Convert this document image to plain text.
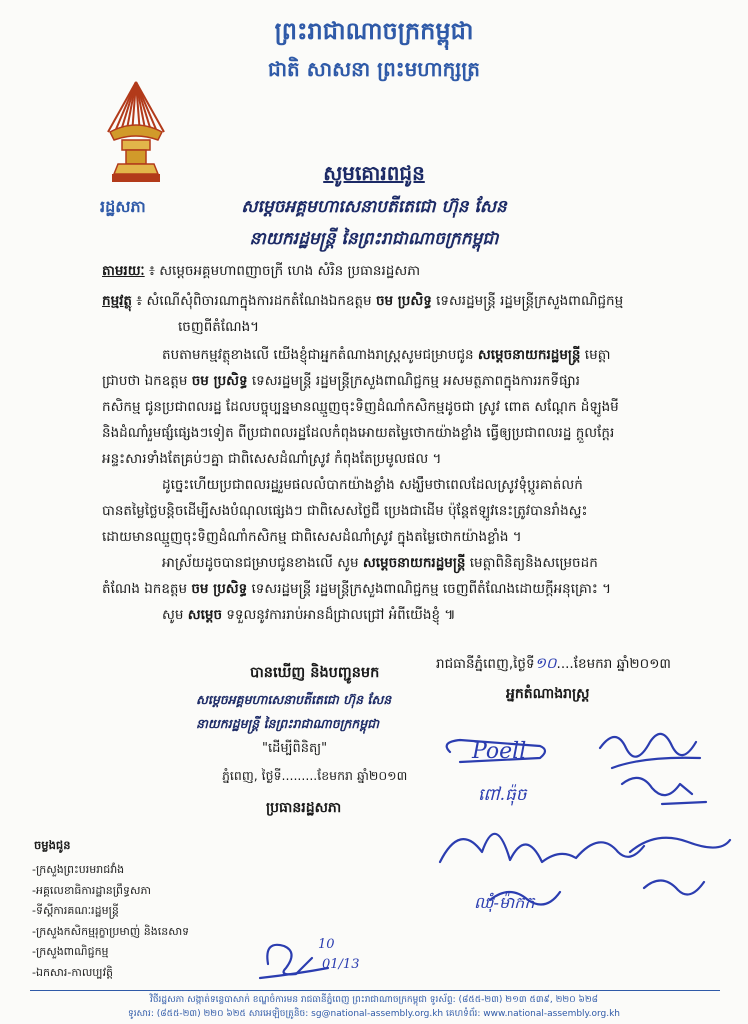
ព្រះរាជាណាចក្រកម្ពុជា
ជាតិ សាសនា ព្រះមហាក្សត្រ
រដ្ឋសភា
សូមគោរពជូន
សម្ដេចអគ្គមហាសេនាបតីតេជោ ហ៊ុន សែន
នាយករដ្ឋមន្ត្រី នៃព្រះរាជាណាចក្រកម្ពុជា
តាមរយៈ ៖ សម្ដេចអគ្គមហាពញាចក្រី ហេង សំរិន ប្រធានរដ្ឋសភា
កម្មវត្ថុ ៖ សំណើសុំពិចារណាក្នុងការដកតំណែងឯកឧត្តម ចម ប្រសិទ្ធ ទេសរដ្ឋមន្ត្រី រដ្ឋមន្ត្រីក្រសួងពាណិជ្ជកម្ម
ចេញពីតំណែង។
តបតាមកម្មវត្ថុខាងលើ យើងខ្ញុំជាអ្នកតំណាងរាស្ត្រសូមជម្រាបជូន សម្ដេចនាយករដ្ឋមន្ត្រី មេត្តា
ជ្រាបថា ឯកឧត្តម ចម ប្រសិទ្ធ ទេសរដ្ឋមន្ត្រី រដ្ឋមន្ត្រីក្រសួងពាណិជ្ជកម្ម អសមត្ថភាពក្នុងការរកទីផ្សារ
កសិកម្ម ជូនប្រជាពលរដ្ឋ ដែលបច្ចុប្បន្នមានឈ្មួញចុះទិញដំណាំកសិកម្មដូចជា ស្រូវ ពោត សណ្ដែក ដំឡូងមី
និងដំណាំរួមផ្សំផ្សេងៗទៀត ពីប្រជាពលរដ្ឋដែលកំពុងអោយតម្លៃថោកយ៉ាងខ្លាំង ធ្វើឲ្យប្រជាពលរដ្ឋ ក្ដួលក្ដែរ
អន្ទះសារទាំងតែគ្រប់ៗគ្នា ជាពិសេសដំណាំស្រូវ កំពុងតែប្រមូលផល ។
ដូច្នេះហើយប្រជាពលរដ្ឋរួមផលលំបាកយ៉ាងខ្លាំង សង្ឃឹមថាពេលដែលស្រូវទុំប្ដូរគាត់លក់
បានតម្លៃថ្លៃបន្តិចដើម្បីសងបំណុលផ្សេងៗ ជាពិសេសថ្លៃជី ប្រេងជាដើម ប៉ុន្តែឥឡូវនេះត្រូវបានរាំងស្ទះ
ដោយមានឈ្មួញចុះទិញដំណាំកសិកម្ម ជាពិសេសដំណាំស្រូវ ក្នុងតម្លៃថោកយ៉ាងខ្លាំង ។
អាស្រ័យដូចបានជម្រាបជូនខាងលើ សូម សម្ដេចនាយករដ្ឋមន្ត្រី មេត្តាពិនិត្យនិងសម្រេចដក
តំណែង ឯកឧត្តម ចម ប្រសិទ្ធ ទេសរដ្ឋមន្ត្រី រដ្ឋមន្ត្រីក្រសួងពាណិជ្ជកម្ម ចេញពីតំណែងដោយក្ដីអនុគ្រោះ ។
សូម សម្ដេច ទទួលនូវការរាប់អានដ៏ជ្រាលជ្រៅ អំពីយើងខ្ញុំ ៕
រាជធានីភ្នំពេញ,ថ្ងៃទី១០....ខែមករា ឆ្នាំ២០១៣
អ្នកតំណាងរាស្ត្រ
បានឃើញ និងបញ្ជូនមក
សម្ដេចអគ្គមហាសេនាបតីតេជោ ហ៊ុន សែន
នាយករដ្ឋមន្ត្រី នៃព្រះរាជាណាចក្រកម្ពុជា
"ដើម្បីពិនិត្យ"
ភ្នំពេញ, ថ្ងៃទី.........ខែមករា ឆ្នាំ២០១៣
ប្រធានរដ្ឋសភា
Poell
ពៅ.ធ៉ុច
ឈុំ-ម៉ាកក
ចម្លងជូន
-ក្រសួងព្រះបរមរាជវាំង
-អគ្គលេខាធិការដ្ឋានព្រឹទ្ធសភា
-ទីស្ដីការគណៈរដ្ឋមន្ត្រី
-ក្រសួងកសិកម្មរុក្ខាប្រមាញ់ និងនេសាទ
-ក្រសួងពាណិជ្ជកម្ម
-ឯកសារ-កាលប្បវត្តិ
10
01/13
វិថីរដ្ឋសភា សង្កាត់ទន្លេបាសាក់ ខណ្ឌចំការមន រាជធានីភ្នំពេញ ព្រះរាជាណាចក្រកម្ពុជា ទូរស័ព្ទ: (៨៥៥-២៣) ២១៣ ៥៣៩, ២២០ ៦២៨
ទូរសារ: (៨៥៥-២៣) ២២០ ៦២៥ សារអេឡិចត្រូនិច: sg@national-assembly.org.kh គេហទំព័រ: www.national-assembly.org.kh
